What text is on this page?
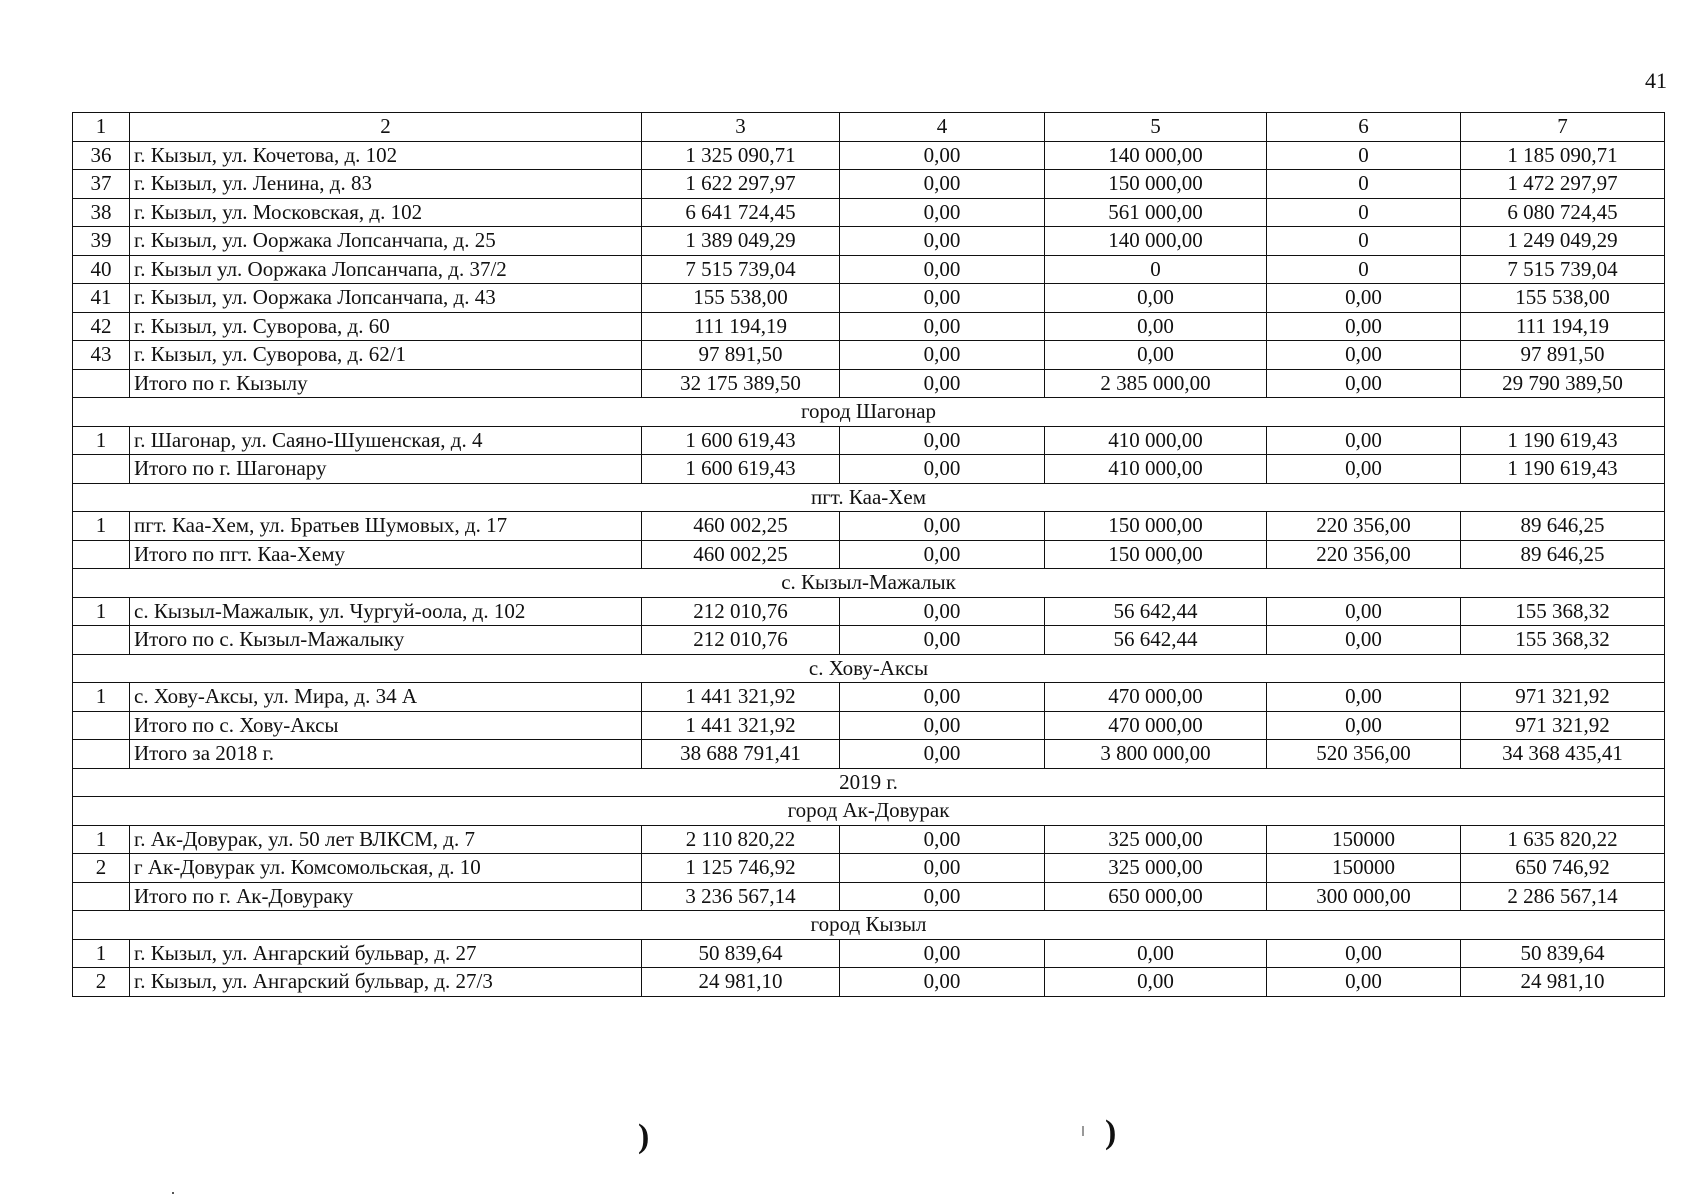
41
1	2	3	4	5	6	7
36	г. Кызыл, ул. Кочетова, д. 102	1 325 090,71	0,00	140 000,00	0	1 185 090,71
37	г. Кызыл, ул. Ленина, д. 83	1 622 297,97	0,00	150 000,00	0	1 472 297,97
38	г. Кызыл, ул. Московская, д. 102	6 641 724,45	0,00	561 000,00	0	6 080 724,45
39	г. Кызыл, ул. Ооржака Лопсанчапа, д. 25	1 389 049,29	0,00	140 000,00	0	1 249 049,29
40	г. Кызыл ул. Ооржака Лопсанчапа, д. 37/2	7 515 739,04	0,00	0	0	7 515 739,04
41	г. Кызыл, ул. Ооржака Лопсанчапа, д. 43	155 538,00	0,00	0,00	0,00	155 538,00
42	г. Кызыл, ул. Суворова, д. 60	111 194,19	0,00	0,00	0,00	111 194,19
43	г. Кызыл, ул. Суворова, д. 62/1	97 891,50	0,00	0,00	0,00	97 891,50
	Итого по г. Кызылу	32 175 389,50	0,00	2 385 000,00	0,00	29 790 389,50
город Шагонар						
1	г. Шагонар, ул. Саяно-Шушенская, д. 4	1 600 619,43	0,00	410 000,00	0,00	1 190 619,43
	Итого по г. Шагонару	1 600 619,43	0,00	410 000,00	0,00	1 190 619,43
пгт. Каа-Хем						
1	пгт. Каа-Хем, ул. Братьев Шумовых, д. 17	460 002,25	0,00	150 000,00	220 356,00	89 646,25
	Итого по пгт. Каа-Хему	460 002,25	0,00	150 000,00	220 356,00	89 646,25
с. Кызыл-Мажалык						
1	с. Кызыл-Мажалык, ул. Чургуй-оола, д. 102	212 010,76	0,00	56 642,44	0,00	155 368,32
	Итого по с. Кызыл-Мажалыку	212 010,76	0,00	56 642,44	0,00	155 368,32
с. Хову-Аксы						
1	с. Хову-Аксы, ул. Мира, д. 34 А	1 441 321,92	0,00	470 000,00	0,00	971 321,92
	Итого по с. Хову-Аксы	1 441 321,92	0,00	470 000,00	0,00	971 321,92
	Итого за 2018 г.	38 688 791,41	0,00	3 800 000,00	520 356,00	34 368 435,41
2019 г.						
город Ак-Довурак						
1	г. Ак-Довурак, ул. 50 лет ВЛКСМ, д. 7	2 110 820,22	0,00	325 000,00	150000	1 635 820,22
2	г Ак-Довурак ул. Комсомольская, д. 10	1 125 746,92	0,00	325 000,00	150000	650 746,92
	Итого по г. Ак-Довураку	3 236 567,14	0,00	650 000,00	300 000,00	2 286 567,14
город Кызыл						
1	г. Кызыл, ул. Ангарский бульвар, д. 27	50 839,64	0,00	0,00	0,00	50 839,64
2	г. Кызыл, ул. Ангарский бульвар, д. 27/3	24 981,10	0,00	0,00	0,00	24 981,10
)	)
